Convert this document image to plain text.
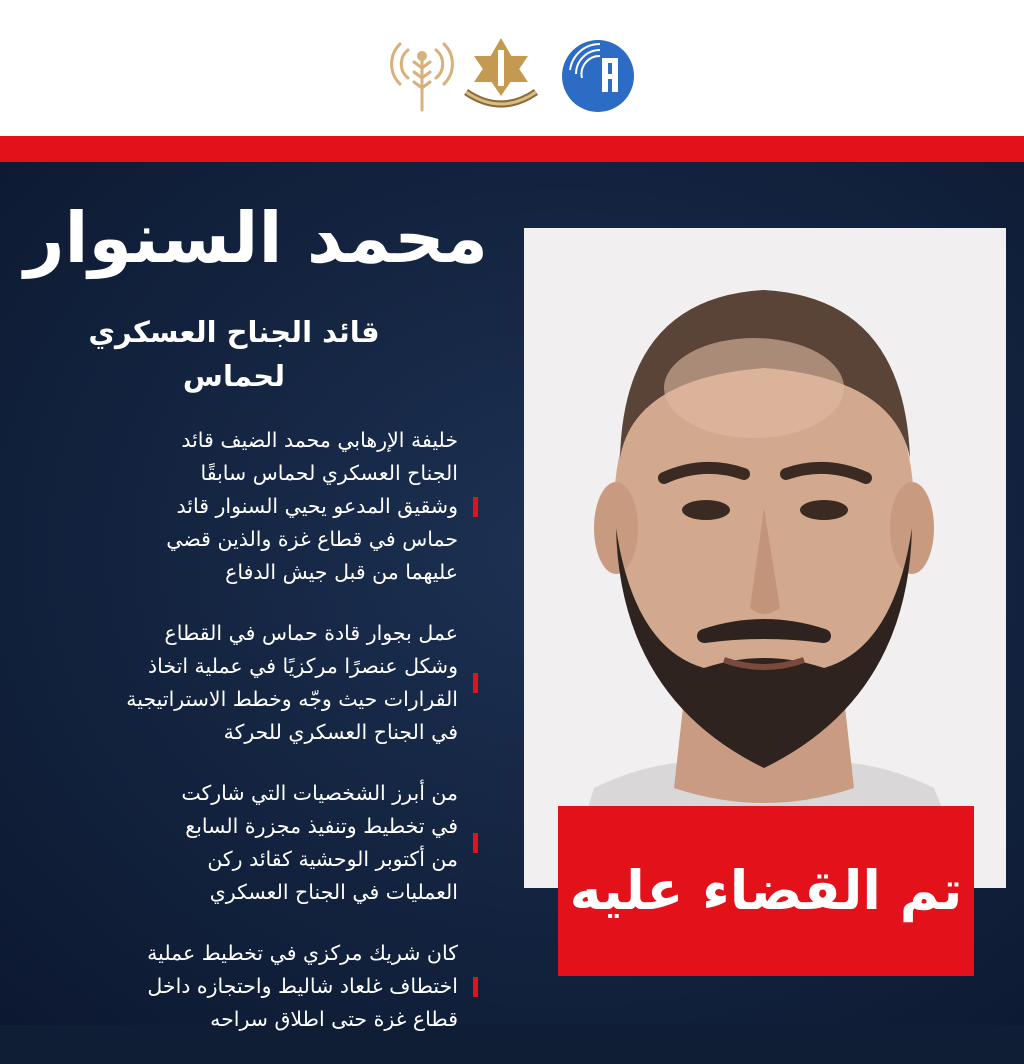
محمد السنوار
قائد الجناح العسكري لحماس
خليفة الإرهابي محمد الضيف قائد
الجناح العسكري لحماس سابقًا
وشقيق المدعو يحيي السنوار قائد
حماس في قطاع غزة والذين قضي
عليهما من قبل جيش الدفاع
عمل بجوار قادة حماس في القطاع
وشكل عنصرًا مركزيًا في عملية اتخاذ
القرارات حيث وجّه وخطط الاستراتيجية
في الجناح العسكري للحركة
من أبرز الشخصيات التي شاركت
في تخطيط وتنفيذ مجزرة السابع
من أكتوبر الوحشية كقائد ركن
العمليات في الجناح العسكري
كان شريك مركزي في تخطيط عملية
اختطاف غلعاد شاليط واحتجازه داخل
قطاع غزة حتى اطلاق سراحه
تم القضاء عليه
